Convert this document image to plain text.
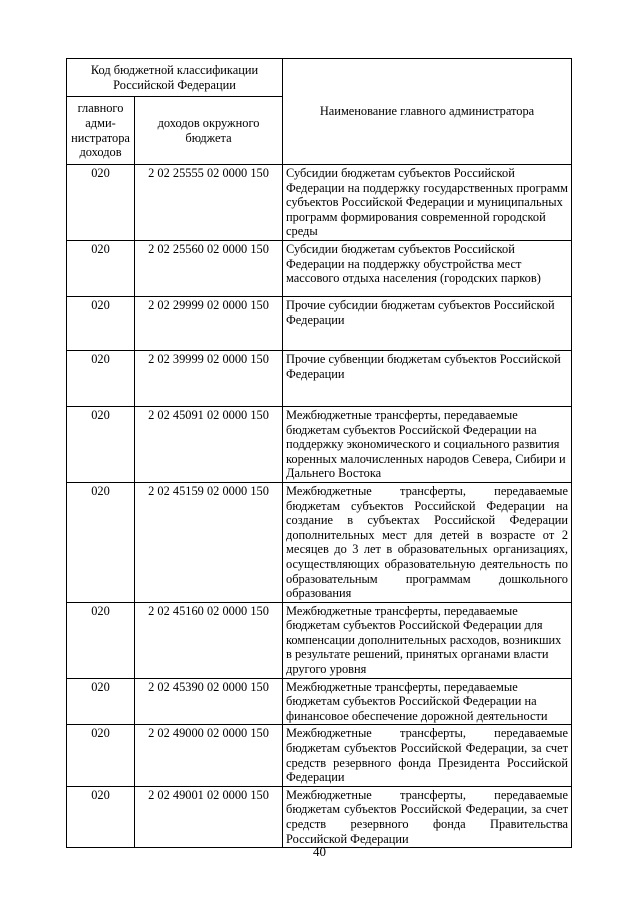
Код бюджетной классификации Российской Федерации		Наименование главного администратора
главного адми-нистратора доходов	доходов окружного бюджета	
020	2 02 25555 02 0000 150	Субсидии бюджетам субъектов Российской Федерации на поддержку государственных программ субъектов Российской Федерации и муниципальных программ формирования современной городской среды
020	2 02 25560 02 0000 150	Субсидии бюджетам субъектов Российской Федерации на поддержку обустройства мест массового отдыха населения (городских парков)
020	2 02 29999 02 0000 150	Прочие субсидии бюджетам субъектов Российской Федерации
020	2 02 39999 02 0000 150	Прочие субвенции бюджетам субъектов Российской Федерации
020	2 02 45091 02 0000 150	Межбюджетные трансферты, передаваемые бюджетам субъектов Российской Федерации на поддержку экономического и социального развития коренных малочисленных народов Севера, Сибири и Дальнего Востока
020	2 02 45159 02 0000 150	Межбюджетные трансферты, передаваемые бюджетам субъектов Российской Федерации на создание в субъектах Российской Федерации дополнительных мест для детей в возрасте от 2 месяцев до 3 лет в образовательных организациях, осуществляющих образовательную деятельность по образовательным программам дошкольного образования
020	2 02 45160 02 0000 150	Межбюджетные трансферты, передаваемые бюджетам субъектов Российской Федерации для компенсации дополнительных расходов, возникших в результате решений, принятых органами власти другого уровня
020	2 02 45390 02 0000 150	Межбюджетные трансферты, передаваемые бюджетам субъектов Российской Федерации на финансовое обеспечение дорожной деятельности
020	2 02 49000 02 0000 150	Межбюджетные трансферты, передаваемые бюджетам субъектов Российской Федерации, за счет средств резервного фонда Президента Российской Федерации
020	2 02 49001 02 0000 150	Межбюджетные трансферты, передаваемые бюджетам субъектов Российской Федерации, за счет средств резервного фонда Правительства Российской Федерации
40
